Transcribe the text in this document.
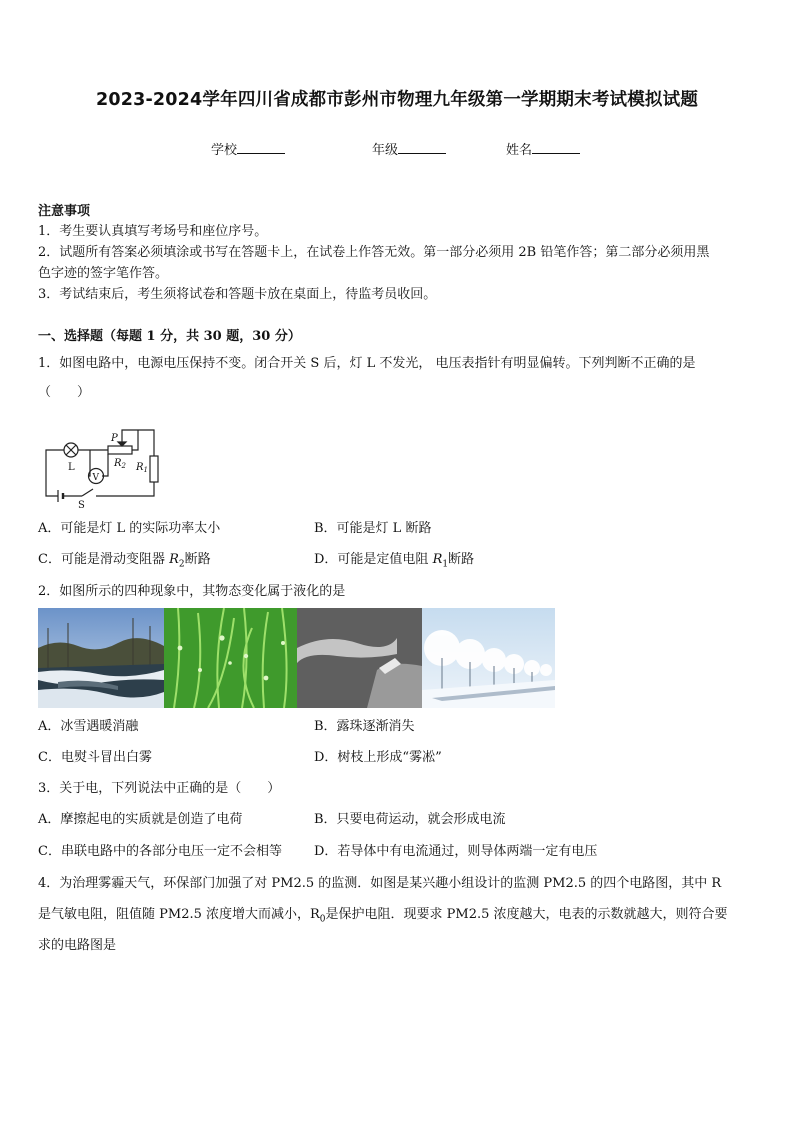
2023-2024学年四川省成都市彭州市物理九年级第一学期期末考试模拟试题
学校	年级	姓名
注意事项
1．考生要认真填写考场号和座位序号。
2．试题所有答案必须填涂或书写在答题卡上，在试卷上作答无效。第一部分必须用 2B 铅笔作答；第二部分必须用黑
色字迹的签字笔作答。
3．考试结束后，考生须将试卷和答题卡放在桌面上，待监考员收回。
一、选择题（每题 1 分，共 30 题，30 分）
1．如图电路中，电源电压保持不变。闭合开关 S 后，灯 L 不发光， 电压表指针有明显偏转。下列判断不正确的是
（　　）
L
V
P
$R_2$ $R_1$
S
A．可能是灯 L 的实际功率太小	B．可能是灯 L 断路
C．可能是滑动变阻器 $R_2$断路	D．可能是定值电阻 $R_1$断路
2．如图所示的四种现象中，其物态变化属于液化的是
A．冰雪遇暖消融	B．露珠逐渐消失
C．电熨斗冒出白雾	D．树枝上形成“雾凇”
3．关于电，下列说法中正确的是（　　）
A．摩擦起电的实质就是创造了电荷	B．只要电荷运动，就会形成电流
C．串联电路中的各部分电压一定不会相等 D．若导体中有电流通过，则导体两端一定有电压
4．为治理雾霾天气，环保部门加强了对 PM2.5 的监测．如图是某兴趣小组设计的监测 PM2.5 的四个电路图，其中 R
是气敏电阻，阻值随 PM2.5 浓度增大而减小，$R_0$是保护电阻．现要求 PM2.5 浓度越大，电表的示数就越大，则符合要
求的电路图是
